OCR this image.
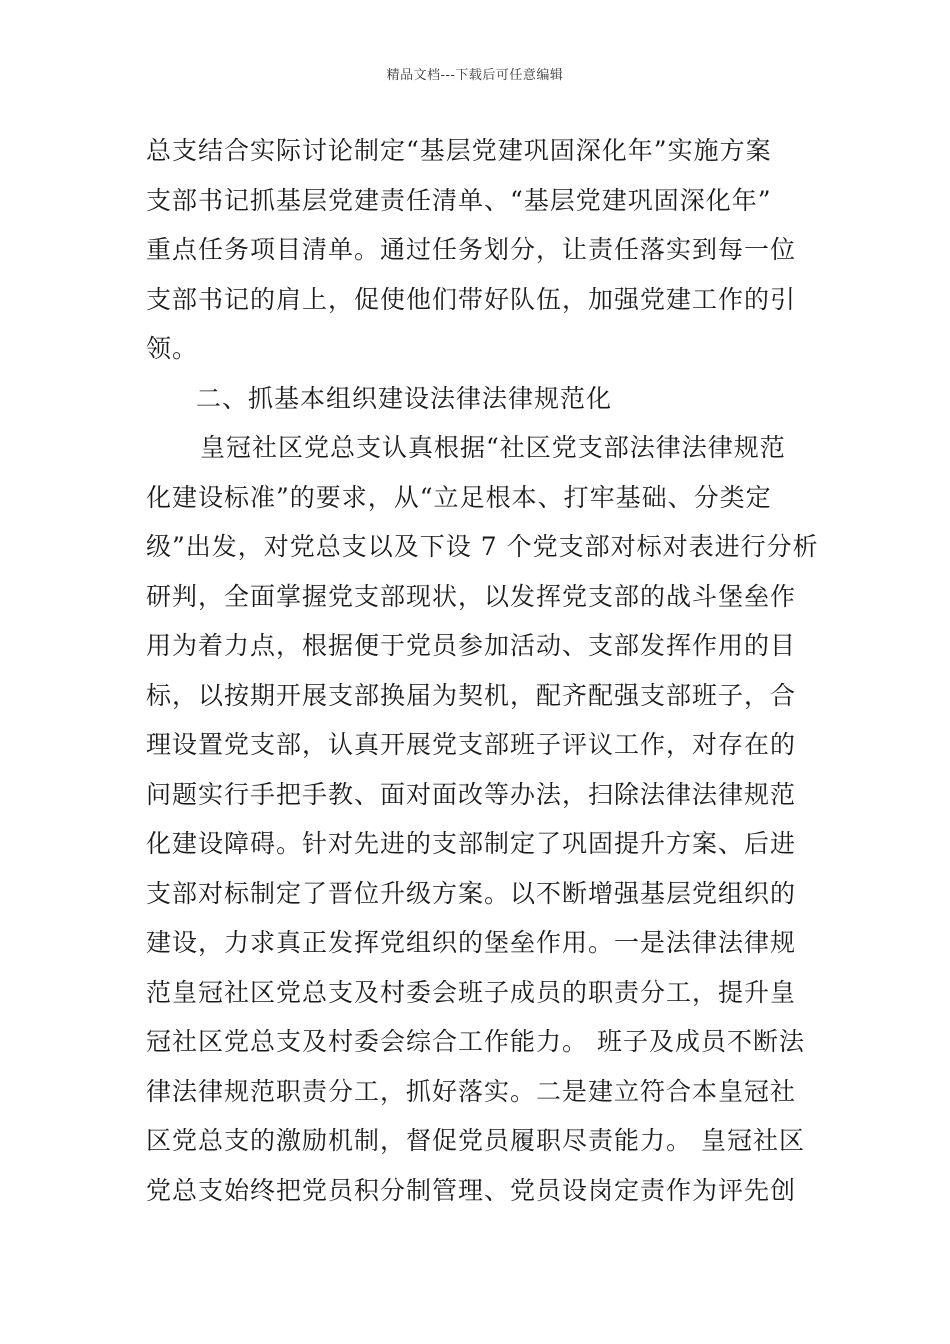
精品文档---下载后可任意编辑
总支结合实际讨论制定“基层党建巩固深化年”实施方案
支部书记抓基层党建责任清单、“基层党建巩固深化年”
重点任务项目清单。通过任务划分，让责任落实到每一位
支部书记的肩上，促使他们带好队伍，加强党建工作的引
领。
二、抓基本组织建设法律法律规范化
皇冠社区党总支认真根据“社区党支部法律法律规范
化建设标准”的要求，从“立足根本、打牢基础、分类定
级”出发，对党总支以及下设 7 个党支部对标对表进行分析
研判，全面掌握党支部现状，以发挥党支部的战斗堡垒作
用为着力点，根据便于党员参加活动、支部发挥作用的目
标，以按期开展支部换届为契机，配齐配强支部班子，合
理设置党支部，认真开展党支部班子评议工作，对存在的
问题实行手把手教、面对面改等办法，扫除法律法律规范
化建设障碍。针对先进的支部制定了巩固提升方案、后进
支部对标制定了晋位升级方案。以不断增强基层党组织的
建设，力求真正发挥党组织的堡垒作用。一是法律法律规
范皇冠社区党总支及村委会班子成员的职责分工，提升皇
冠社区党总支及村委会综合工作能力。 班子及成员不断法
律法律规范职责分工，抓好落实。二是建立符合本皇冠社
区党总支的激励机制，督促党员履职尽责能力。 皇冠社区
党总支始终把党员积分制管理、党员设岗定责作为评先创
